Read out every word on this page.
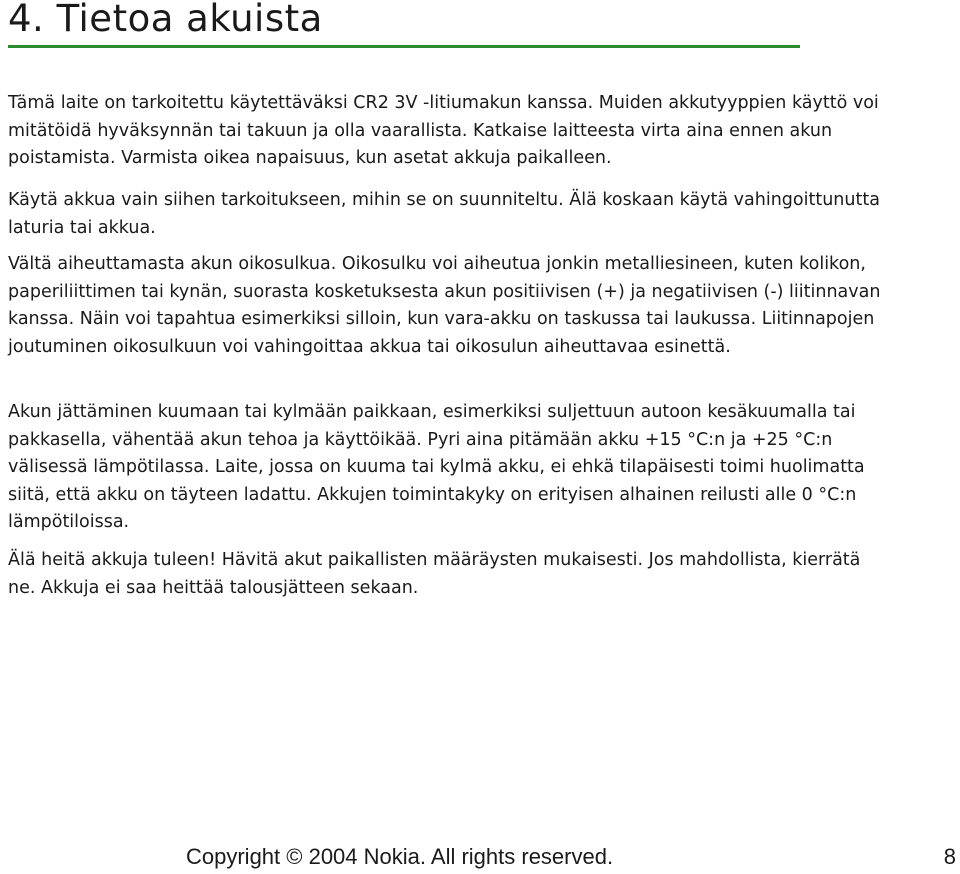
4. Tietoa akuista

Tämä laite on tarkoitettu käytettäväksi CR2 3V -litiumakun kanssa. Muiden akkutyyppien käyttö voi mitätöidä hyväksynnän tai takuun ja olla vaarallista. Katkaise laitteesta virta aina ennen akun poistamista. Varmista oikea napaisuus, kun asetat akkuja paikalleen.

Käytä akkua vain siihen tarkoitukseen, mihin se on suunniteltu. Älä koskaan käytä vahingoittunutta laturia tai akkua.

Vältä aiheuttamasta akun oikosulkua. Oikosulku voi aiheutua jonkin metalliesineen, kuten kolikon, paperiliittimen tai kynän, suorasta kosketuksesta akun positiivisen (+) ja negatiivisen (-) liitinnavan kanssa. Näin voi tapahtua esimerkiksi silloin, kun vara-akku on taskussa tai laukussa. Liitinnapojen joutuminen oikosulkuun voi vahingoittaa akkua tai oikosulun aiheuttavaa esinettä.

Akun jättäminen kuumaan tai kylmään paikkaan, esimerkiksi suljettuun autoon kesäkuumalla tai pakkasella, vähentää akun tehoa ja käyttöikää. Pyri aina pitämään akku +15 °C:n ja +25 °C:n välisessä lämpötilassa. Laite, jossa on kuuma tai kylmä akku, ei ehkä tilapäisesti toimi huolimatta siitä, että akku on täyteen ladattu. Akkujen toimintakyky on erityisen alhainen reilusti alle 0 °C:n lämpötiloissa.

Älä heitä akkuja tuleen! Hävitä akut paikallisten määräysten mukaisesti. Jos mahdollista, kierrätä ne. Akkuja ei saa heittää talousjätteen sekaan.

Copyright © 2004 Nokia. All rights reserved.	8
